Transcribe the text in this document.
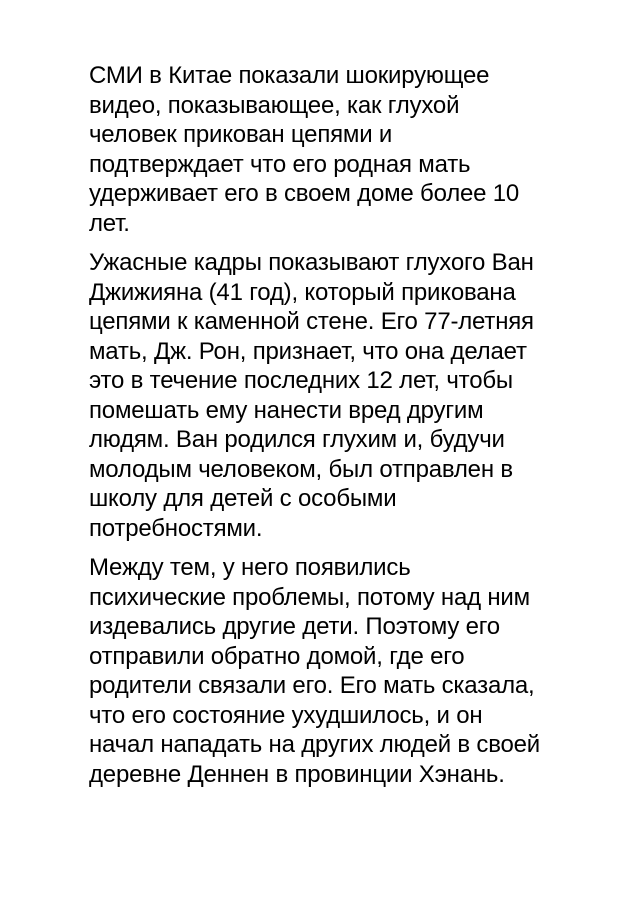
СМИ в Китае показали шокирующее
видео, показывающее, как глухой
человек прикован цепями и
подтверждает что его родная мать
удерживает его в своем доме более 10
лет.

Ужасные кадры показывают глухого Ван
Джижияна (41 год), который прикована
цепями к каменной стене. Его 77-летняя
мать, Дж. Рон, признает, что она делает
это в течение последних 12 лет, чтобы
помешать ему нанести вред другим
людям. Ван родился глухим и, будучи
молодым человеком, был отправлен в
школу для детей с особыми
потребностями.

Между тем, у него появились
психические проблемы, потому над ним
издевались другие дети. Поэтому его
отправили обратно домой, где его
родители связали его. Его мать сказала,
что его состояние ухудшилось, и он
начал нападать на других людей в своей
деревне Деннен в провинции Хэнань.
